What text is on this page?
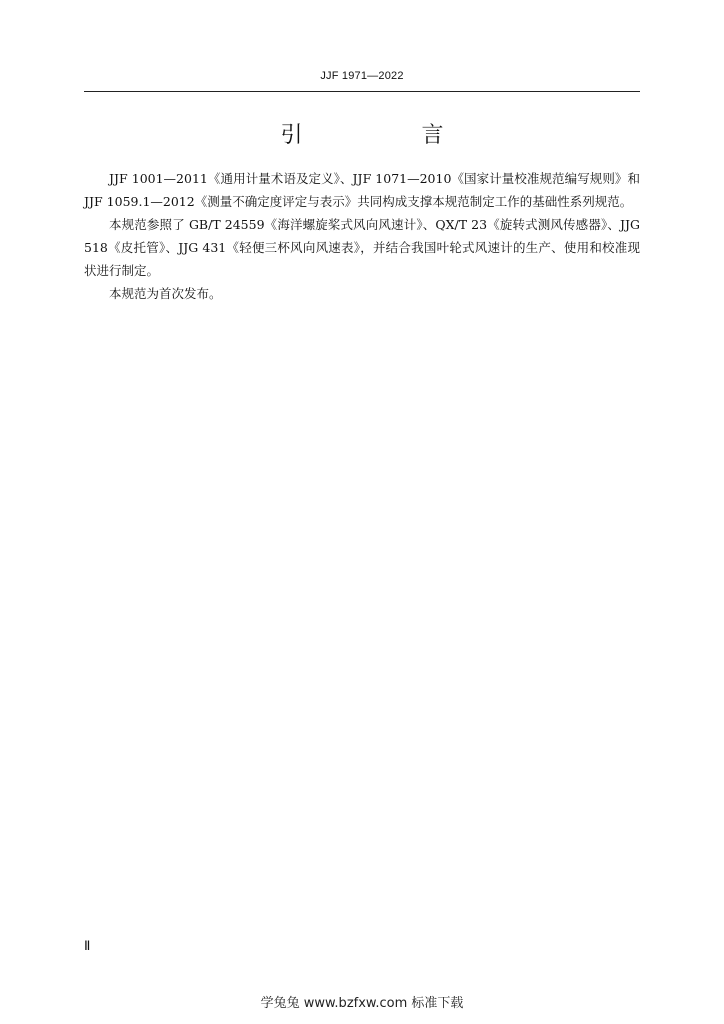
JJF 1971—2022
引 言

JJF 1001—2011《通用计量术语及定义》、JJF 1071—2010《国家计量校准规范编写规则》和 JJF 1059.1—2012《测量不确定度评定与表示》共同构成支撑本规范制定工作的基础性系列规范。

本规范参照了 GB/T 24559《海洋螺旋桨式风向风速计》、QX/T 23《旋转式测风传感器》、JJG 518《皮托管》、JJG 431《轻便三杯风向风速表》，并结合我国叶轮式风速计的生产、使用和校准现状进行制定。

本规范为首次发布。

Ⅱ
学兔兔 www.bzfxw.com 标准下载
